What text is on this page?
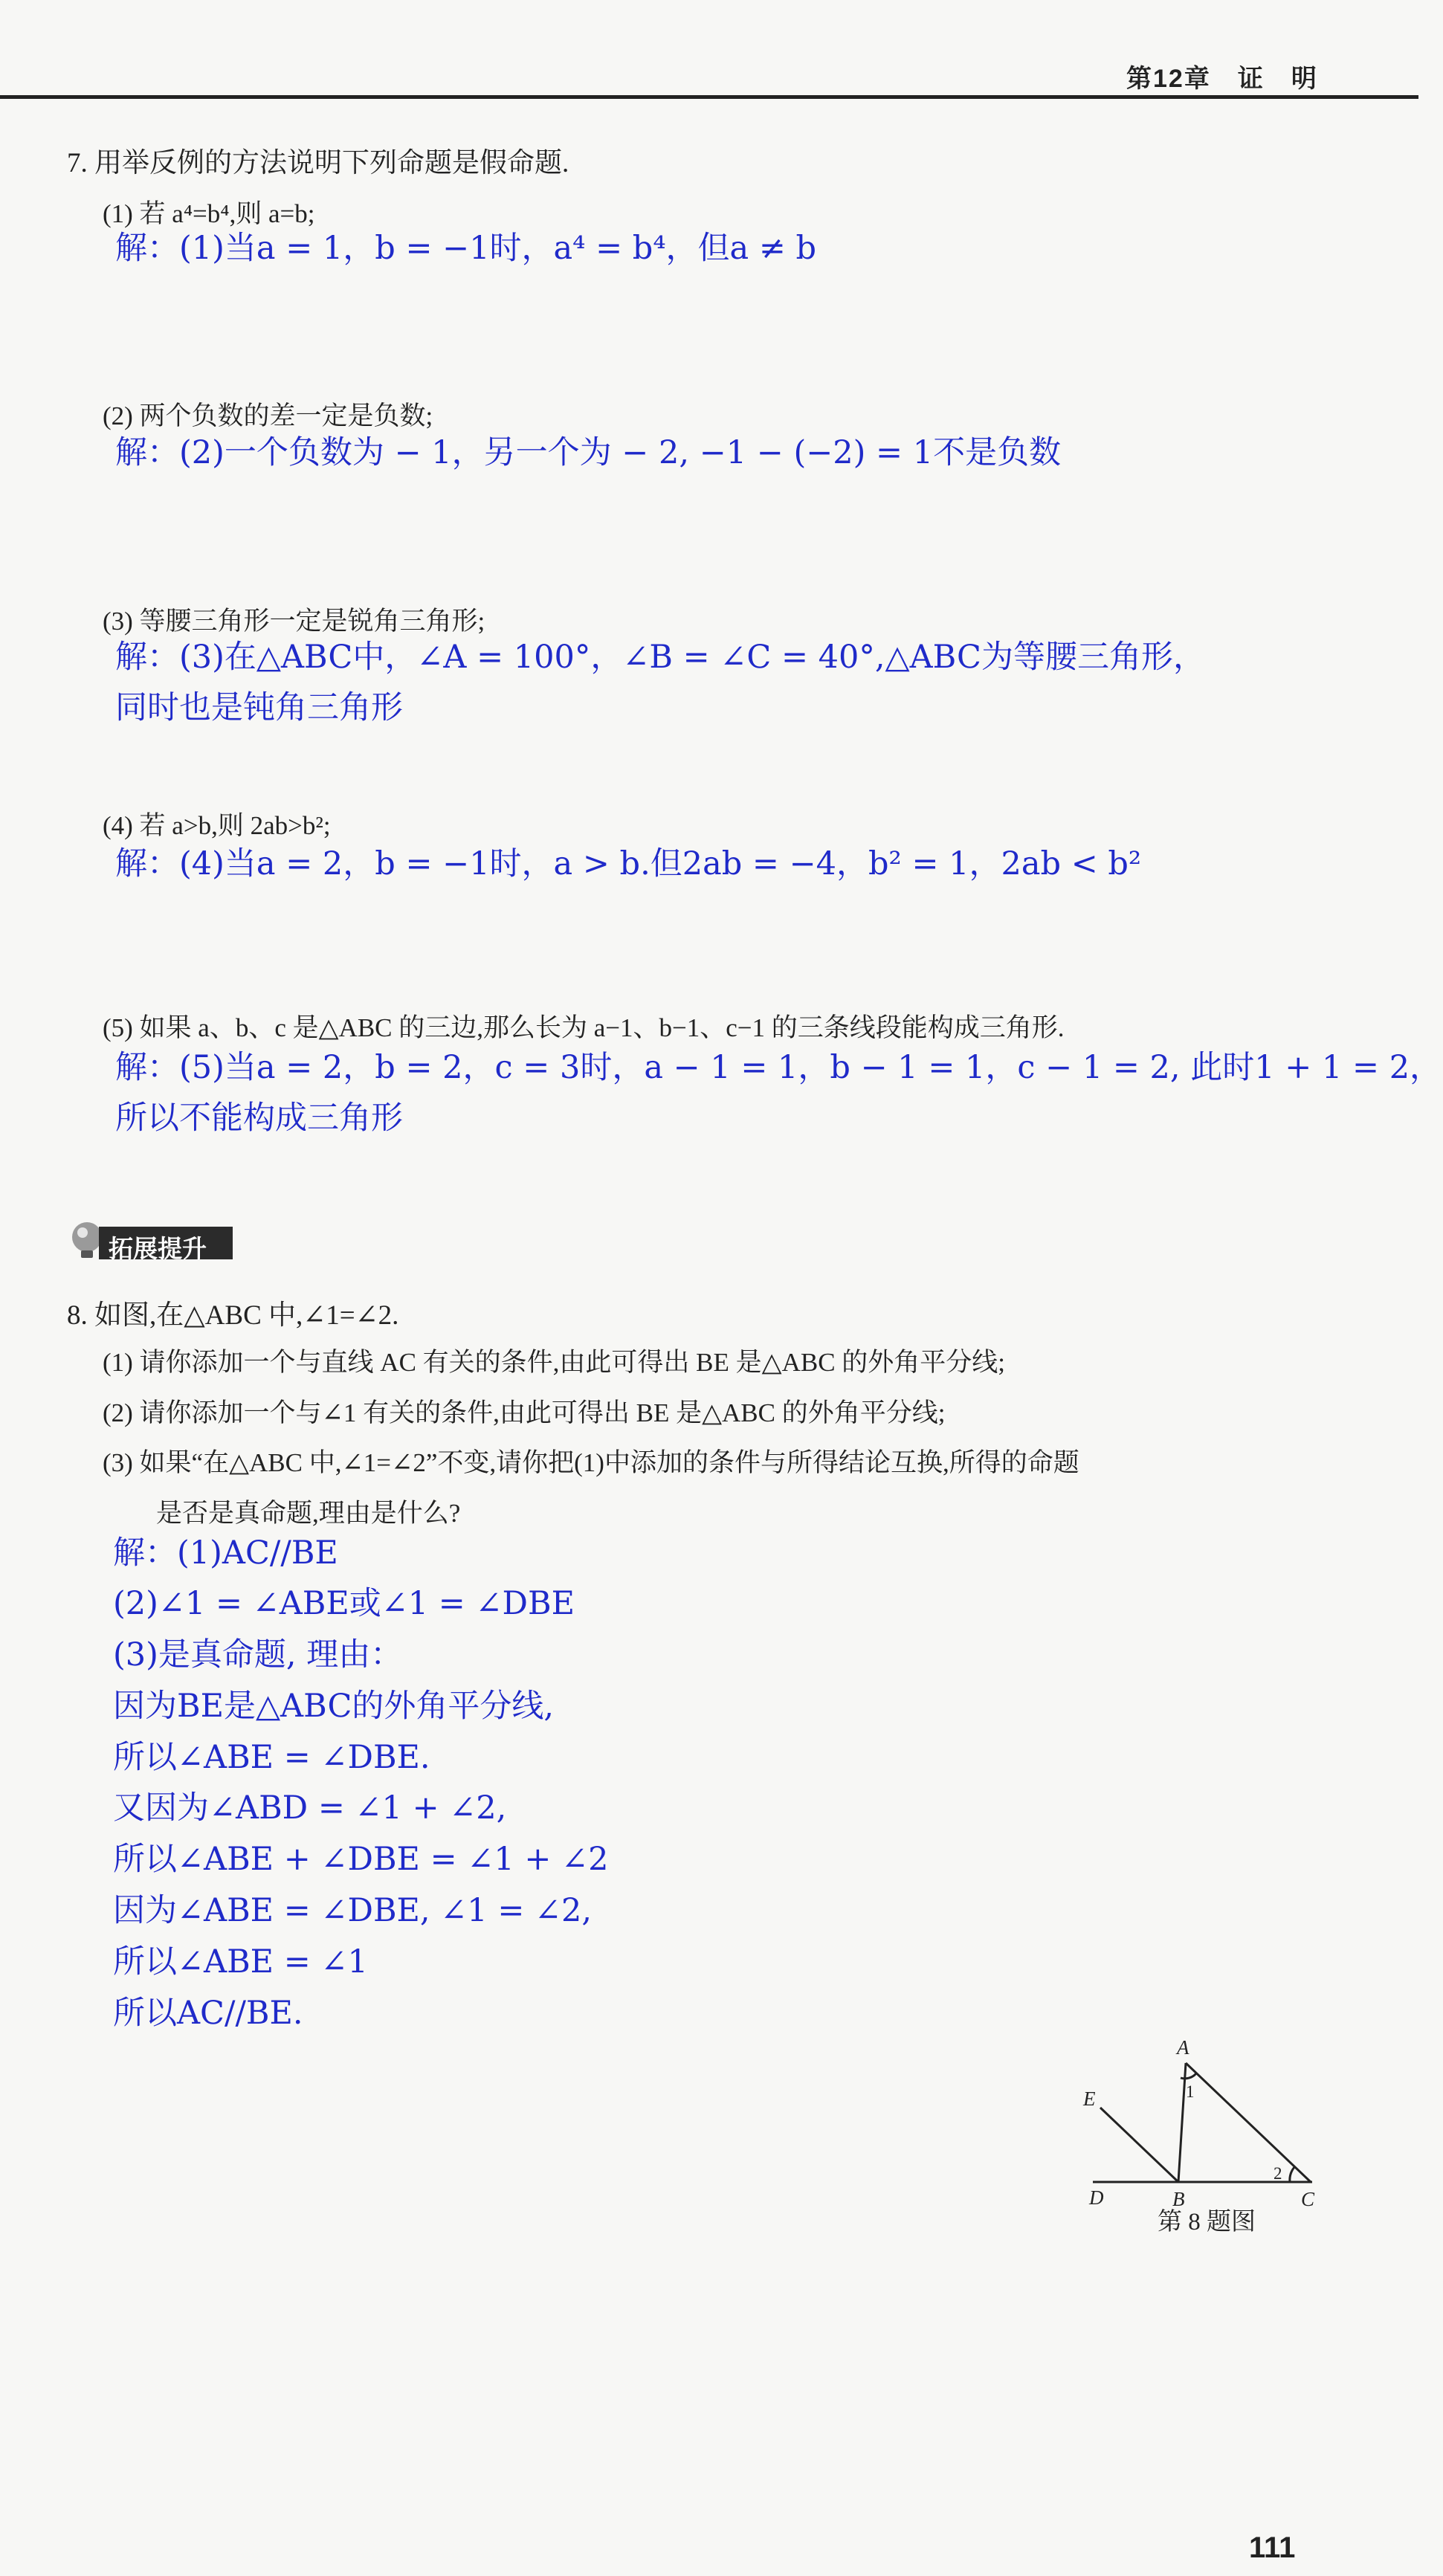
第12章　证　明
7. 用举反例的方法说明下列命题是假命题.
(1) 若 a⁴=b⁴,则 a=b;
解：(1)当a = 1，b = −1时，a⁴ = b⁴，但a ≠ b
(2) 两个负数的差一定是负数;
解：(2)一个负数为 − 1，另一个为 − 2, −1 − (−2) = 1不是负数
(3) 等腰三角形一定是锐角三角形;
解：(3)在△ABC中，∠A = 100°，∠B = ∠C = 40°,△ABC为等腰三角形，
同时也是钝角三角形
(4) 若 a>b,则 2ab>b²;
解：(4)当a = 2，b = −1时，a > b.但2ab = −4，b² = 1，2ab < b²
(5) 如果 a、b、c 是△ABC 的三边,那么长为 a−1、b−1、c−1 的三条线段能构成三角形.
解：(5)当a = 2，b = 2，c = 3时，a − 1 = 1，b − 1 = 1，c − 1 = 2, 此时1 + 1 = 2，
所以不能构成三角形
拓展提升
8. 如图,在△ABC 中,∠1=∠2.
(1) 请你添加一个与直线 AC 有关的条件,由此可得出 BE 是△ABC 的外角平分线;
(2) 请你添加一个与∠1 有关的条件,由此可得出 BE 是△ABC 的外角平分线;
(3) 如果“在△ABC 中,∠1=∠2”不变,请你把(1)中添加的条件与所得结论互换,所得的命题
是否是真命题,理由是什么?
解：(1)AC//BE
(2)∠1 = ∠ABE或∠1 = ∠DBE
(3)是真命题, 理由：
因为BE是△ABC的外角平分线,
所以∠ABE = ∠DBE.
又因为∠ABD = ∠1 + ∠2,
所以∠ABE + ∠DBE = ∠1 + ∠2
因为∠ABE = ∠DBE, ∠1 = ∠2,
所以∠ABE = ∠1
所以AC//BE.
A
B	C
D
E	1
2
第 8 题图
111
